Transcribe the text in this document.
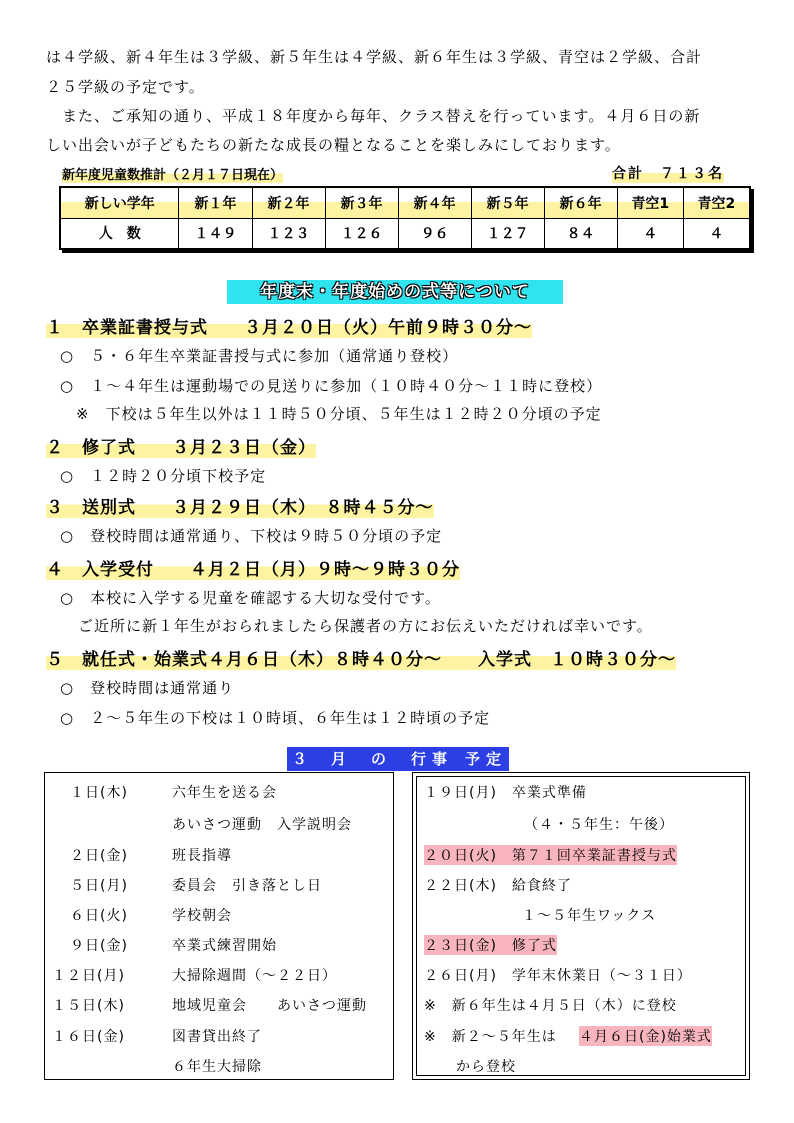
は４学級、新４年生は３学級、新５年生は４学級、新６年生は３学級、青空は２学級、合計
２５学級の予定です。
また、ご承知の通り、平成１８年度から毎年、クラス替えを行っています。４月６日の新
しい出会いが子どもたちの新たな成長の糧となることを楽しみにしております。
新年度児童数推計（２月１７日現在）	合計　７１３名
新しい学年	新１年	新２年	新３年	新４年	新５年	新６年	青空1	青空2
人　数	１４９	１２３	１２６	９６	１２７	８４	４	４
年度末・年度始めの式等について
１　卒業証書授与式　　３月２０日（火）午前９時３０分～
○　５・６年生卒業証書授与式に参加（通常通り登校）
○　１～４年生は運動場での見送りに参加（１０時４０分～１１時に登校）
※　下校は５年生以外は１１時５０分頃、５年生は１２時２０分頃の予定
２　修了式　　３月２３日（金）
○　１２時２０分頃下校予定
３　送別式　　３月２９日（木）　８時４５分～
○　登校時間は通常通り、下校は９時５０分頃の予定
４　入学受付　　４月２日（月）９時～９時３０分
○　本校に入学する児童を確認する大切な受付です。
ご近所に新１年生がおられましたら保護者の方にお伝えいただければ幸いです。
５　就任式・始業式４月６日（木）８時４０分～　　入学式　１０時３０分～
○　登校時間は通常通り
○　２～５年生の下校は１０時頃、６年生は１２時頃の予定
３ 月 の 行事 予定
１日(木)	六年生を送る会
あいさつ運動　入学説明会
２日(金)	班長指導
５日(月)	委員会　引き落とし日
６日(火)	学校朝会
９日(金)	卒業式練習開始
１２日(月)	大掃除週間（～２２日）
１５日(木)	地域児童会　　あいさつ運動
１６日(金)	図書貸出終了
６年生大掃除
１９日(月)　卒業式準備
（４・５年生：午後）
２０日(火)　第７１回卒業証書授与式
２２日(木)　給食終了
１～５年生ワックス
２３日(金)　修了式
２６日(月)　学年末休業日（～３１日）
※　新６年生は４月５日（木）に登校
※　新２～５年生は ４月６日(金)始業式
から登校
